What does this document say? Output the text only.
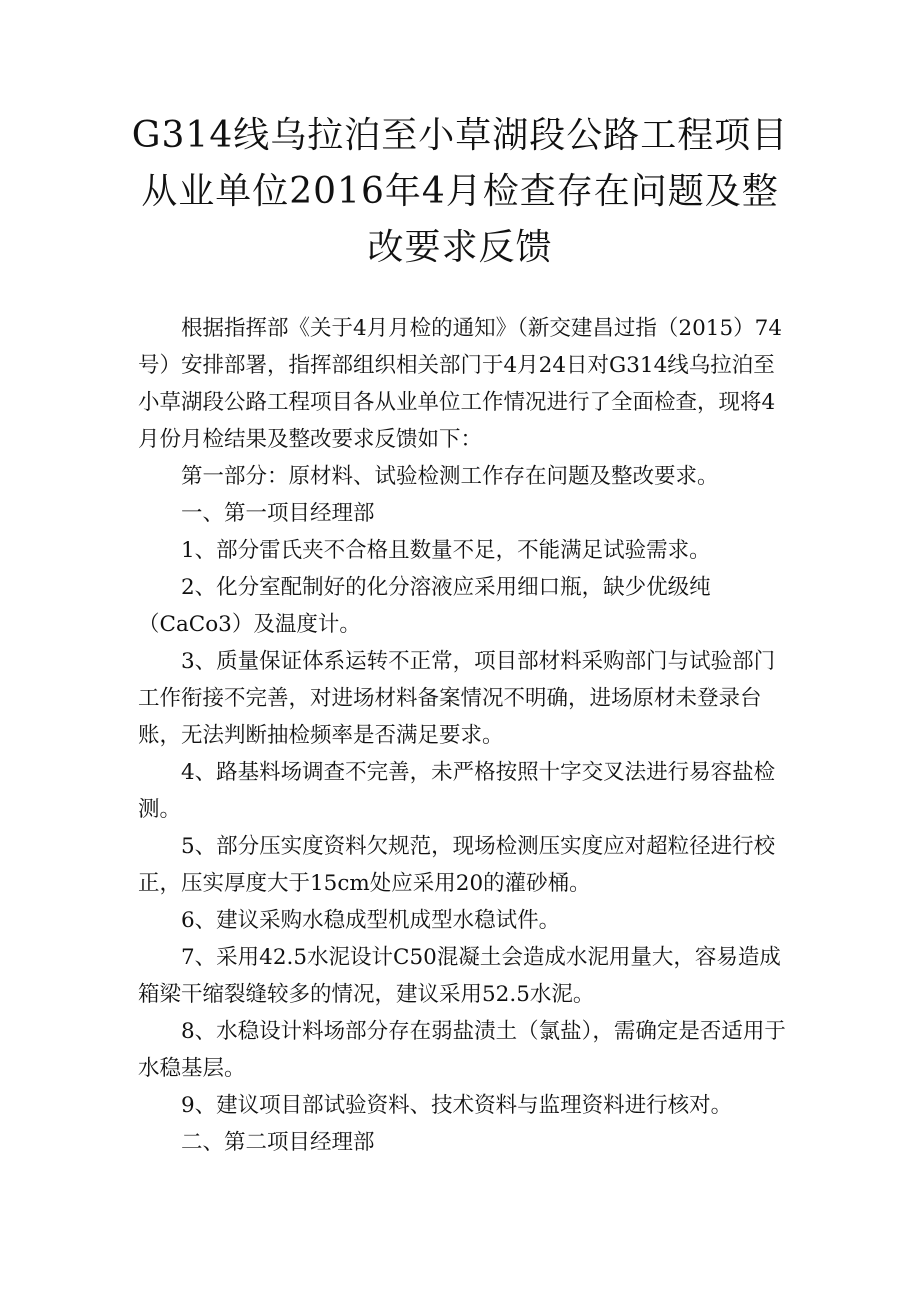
G314线乌拉泊至小草湖段公路工程项目从业单位2016年4月检查存在问题及整改要求反馈

根据指挥部《关于4月月检的通知》（新交建昌过指（2015）74号）安排部署，指挥部组织相关部门于4月24日对G314线乌拉泊至小草湖段公路工程项目各从业单位工作情况进行了全面检查，现将4月份月检结果及整改要求反馈如下：

第一部分：原材料、试验检测工作存在问题及整改要求。

一、第一项目经理部

1、部分雷氏夹不合格且数量不足，不能满足试验需求。

2、化分室配制好的化分溶液应采用细口瓶，缺少优级纯（CaCo3）及温度计。

3、质量保证体系运转不正常，项目部材料采购部门与试验部门工作衔接不完善，对进场材料备案情况不明确，进场原材未登录台账，无法判断抽检频率是否满足要求。

4、路基料场调查不完善，未严格按照十字交叉法进行易容盐检测。

5、部分压实度资料欠规范，现场检测压实度应对超粒径进行校正，压实厚度大于15cm处应采用20的灌砂桶。

6、建议采购水稳成型机成型水稳试件。

7、采用42.5水泥设计C50混凝土会造成水泥用量大，容易造成箱梁干缩裂缝较多的情况，建议采用52.5水泥。

8、水稳设计料场部分存在弱盐渍土（氯盐），需确定是否适用于水稳基层。

9、建议项目部试验资料、技术资料与监理资料进行核对。

二、第二项目经理部
